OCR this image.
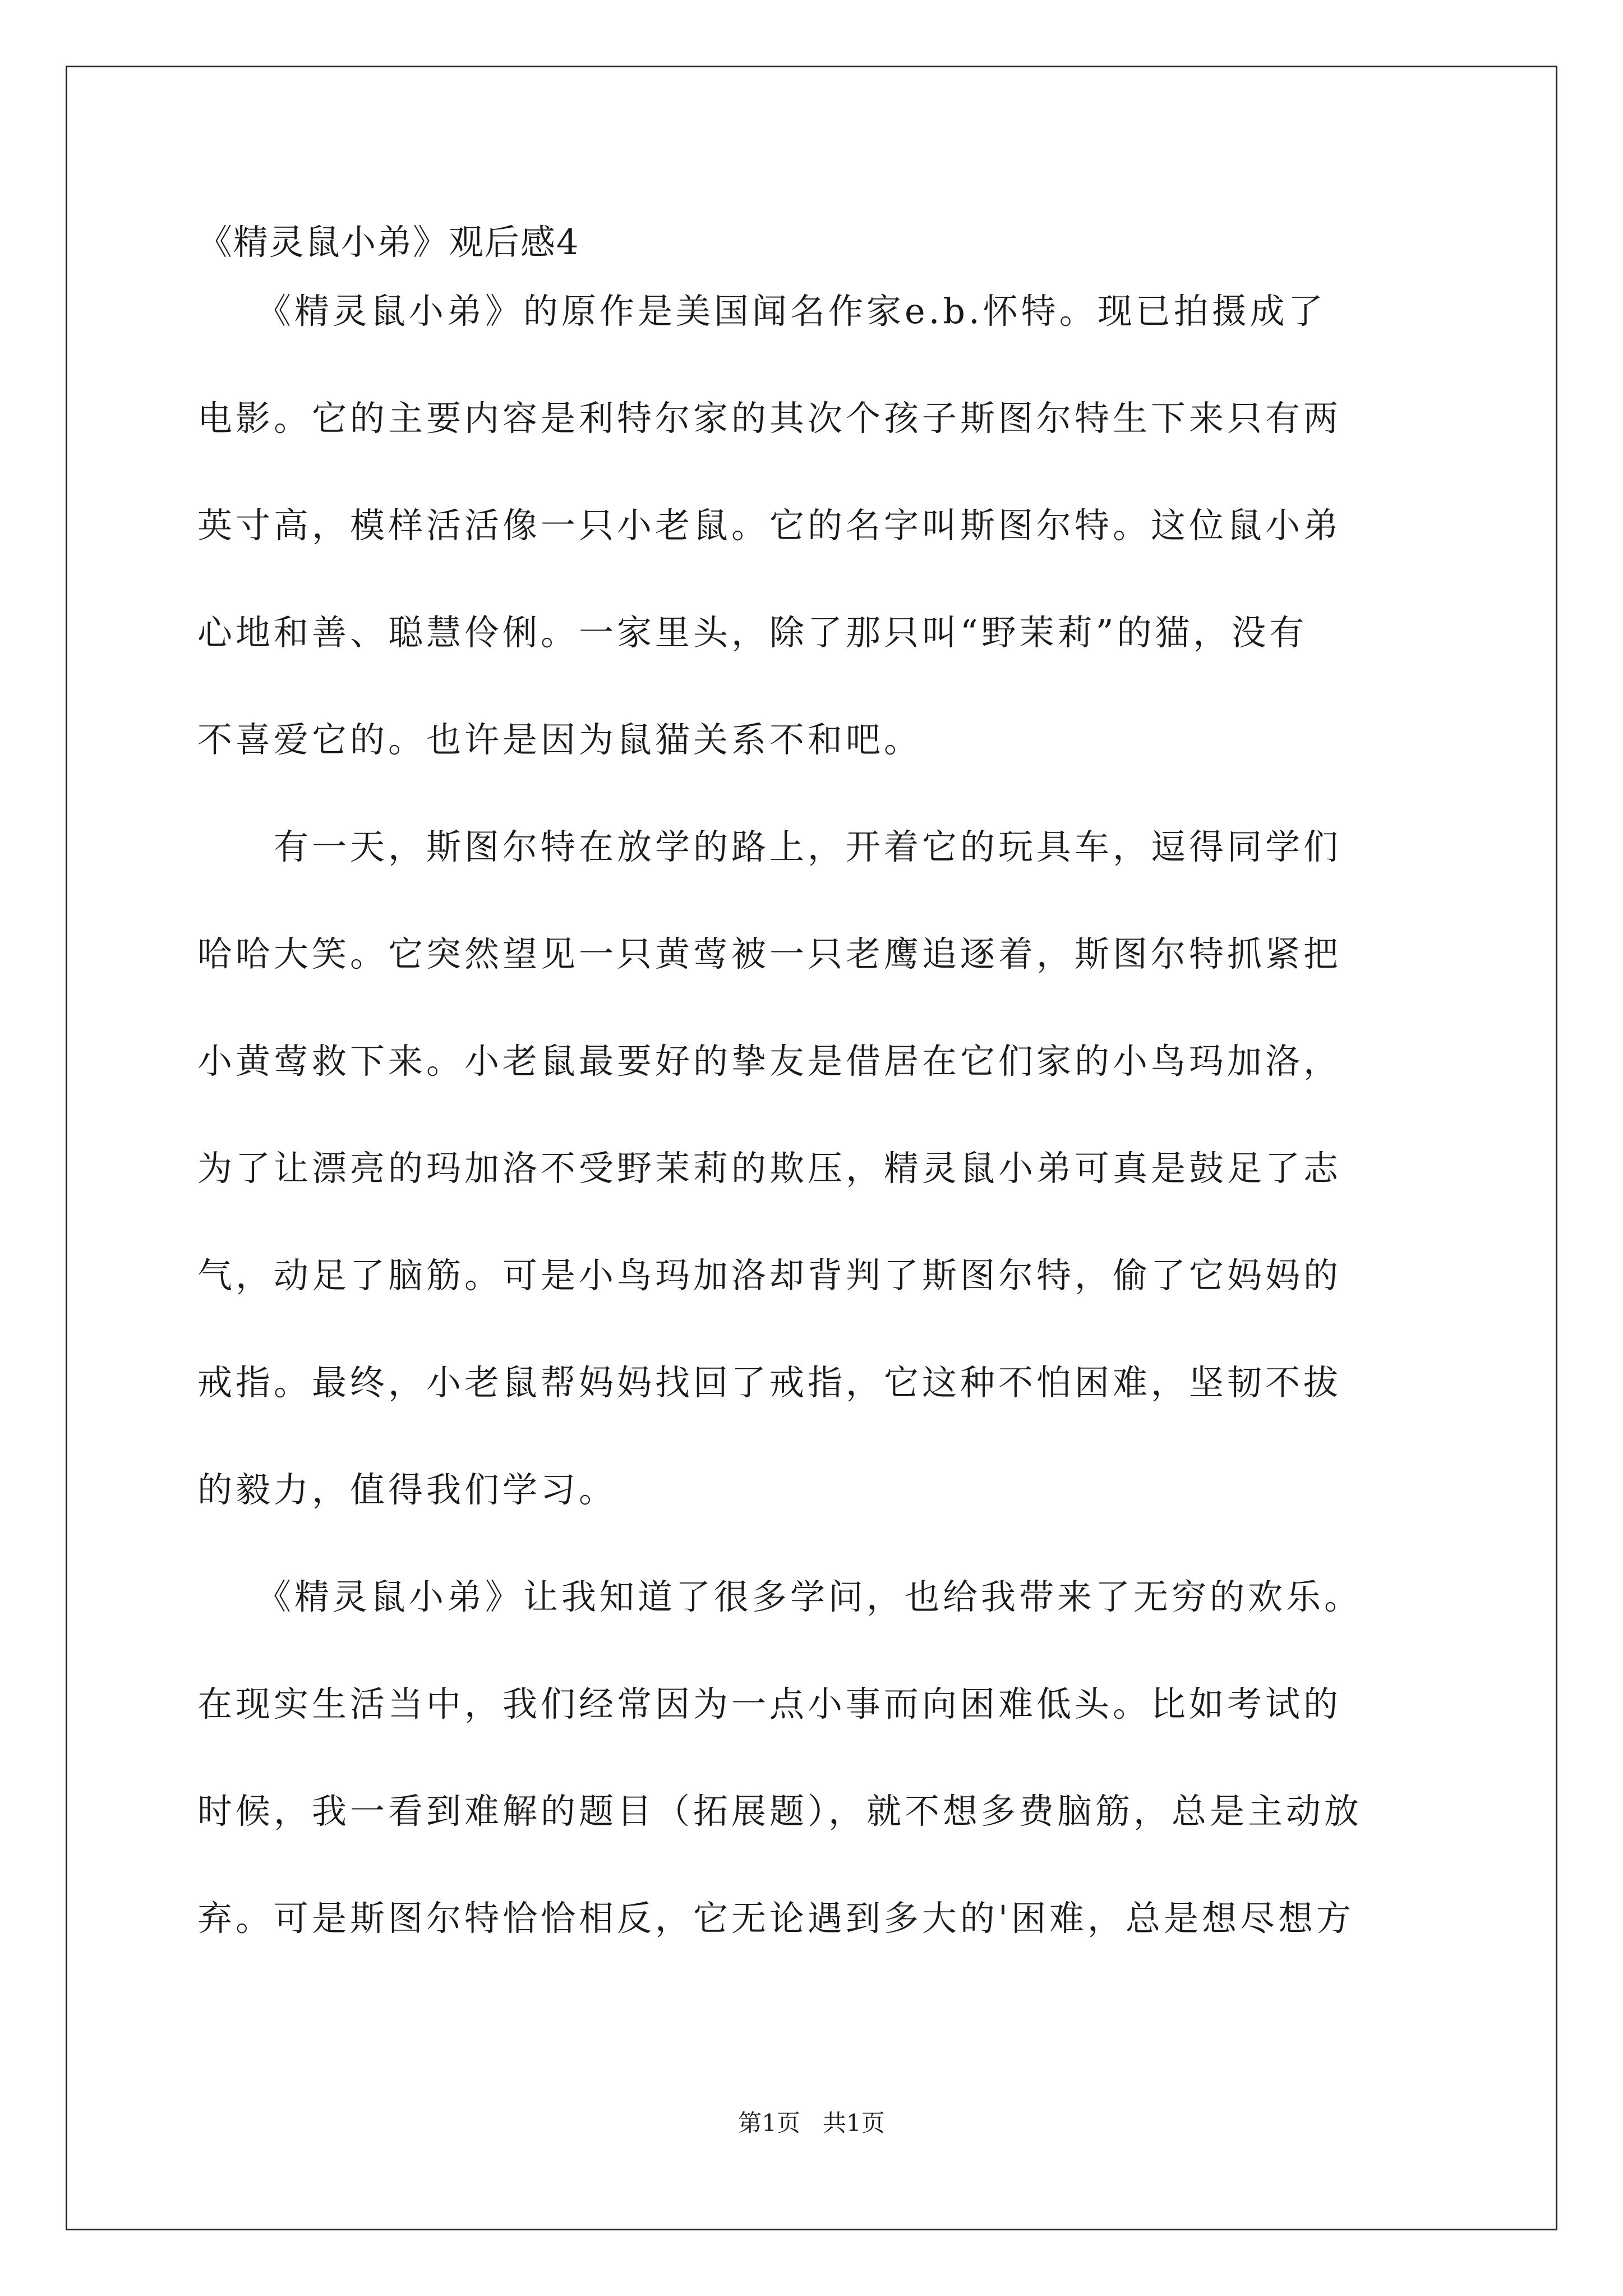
《精灵鼠小弟》观后感4
　　《精灵鼠小弟》的原作是美国闻名作家e.b.怀特。现已拍摄成了
电影。它的主要内容是利特尔家的其次个孩子斯图尔特生下来只有两
英寸高，模样活活像一只小老鼠。它的名字叫斯图尔特。这位鼠小弟
心地和善、聪慧伶俐。一家里头，除了那只叫“野茉莉”的猫，没有
不喜爱它的。也许是因为鼠猫关系不和吧。
　　有一天，斯图尔特在放学的路上，开着它的玩具车，逗得同学们
哈哈大笑。它突然望见一只黄莺被一只老鹰追逐着，斯图尔特抓紧把
小黄莺救下来。小老鼠最要好的挚友是借居在它们家的小鸟玛加洛，
为了让漂亮的玛加洛不受野茉莉的欺压，精灵鼠小弟可真是鼓足了志
气，动足了脑筋。可是小鸟玛加洛却背判了斯图尔特，偷了它妈妈的
戒指。最终，小老鼠帮妈妈找回了戒指，它这种不怕困难，坚韧不拔
的毅力，值得我们学习。
　　《精灵鼠小弟》让我知道了很多学问，也给我带来了无穷的欢乐。
在现实生活当中，我们经常因为一点小事而向困难低头。比如考试的
时候，我一看到难解的题目（拓展题），就不想多费脑筋，总是主动放
弃。可是斯图尔特恰恰相反，它无论遇到多大的'困难，总是想尽想方
第1页   共1页
